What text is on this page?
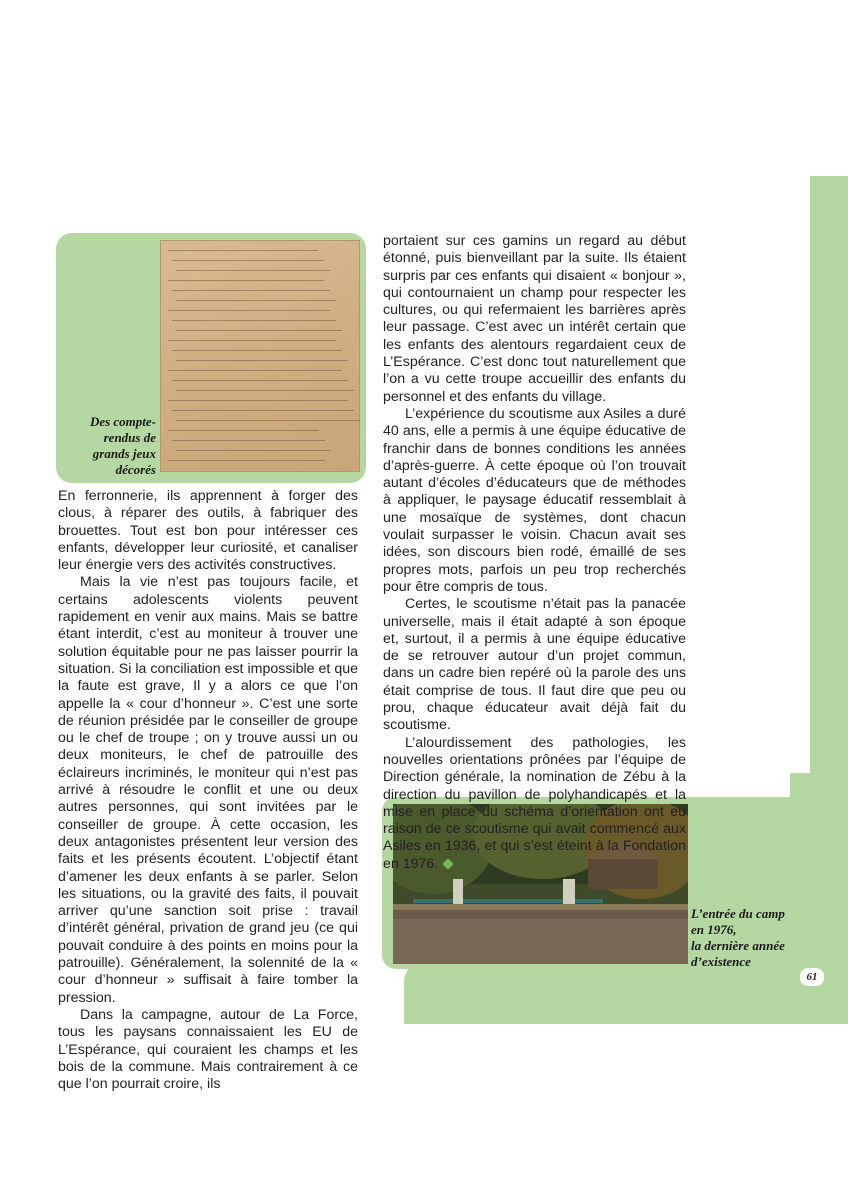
Des compte-
rendus de
grands jeux
décorés
L’entrée du camp
en 1976,
la dernière année
d’existence

En ferronnerie, ils apprennent à forger des clous, à réparer des outils, à fabriquer des brouettes. Tout est bon pour intéresser ces enfants, développer leur curiosité, et canaliser leur énergie vers des activités constructives.

Mais la vie n’est pas toujours facile, et certains adolescents violents peuvent rapidement en venir aux mains. Mais se battre étant interdit, c’est au moniteur à trouver une solution équitable pour ne pas laisser pourrir la situation. Si la conciliation est impossible et que la faute est grave, Il y a alors ce que l’on appelle la « cour d’honneur ». C’est une sorte de réunion présidée par le conseiller de groupe ou le chef de troupe ; on y trouve aussi un ou deux moniteurs, le chef de patrouille des éclaireurs incriminés, le moniteur qui n’est pas arrivé à résoudre le conflit et une ou deux autres personnes, qui sont invitées par le conseiller de groupe. À cette occasion, les deux antagonistes présentent leur version des faits et les présents écoutent. L’objectif étant d’amener les deux enfants à se parler. Selon les situations, ou la gravité des faits, il pouvait arriver qu’une sanction soit prise : travail d’intérêt général, privation de grand jeu (ce qui pouvait conduire à des points en moins pour la patrouille). Généralement, la solennité de la « cour d’honneur » suffisait à faire tomber la pression.

Dans la campagne, autour de La Force, tous les paysans connaissaient les EU de L’Espérance, qui couraient les champs et les bois de la commune. Mais contrairement à ce que l’on pourrait croire, ils

portaient sur ces gamins un regard au début étonné, puis bienveillant par la suite. Ils étaient surpris par ces enfants qui disaient « bonjour », qui contournaient un champ pour respecter les cultures, ou qui refermaient les barrières après leur passage. C’est avec un intérêt certain que les enfants des alentours regardaient ceux de L’Espérance. C’est donc tout naturellement que l’on a vu cette troupe accueillir des enfants du personnel et des enfants du village.

L’expérience du scoutisme aux Asiles a duré 40 ans, elle a permis à une équipe éducative de franchir dans de bonnes conditions les années d’après-guerre. À cette époque où l’on trouvait autant d’écoles d’éducateurs que de méthodes à appliquer, le paysage éducatif ressemblait à une mosaïque de systèmes, dont chacun voulait surpasser le voisin. Chacun avait ses idées, son discours bien rodé, émaillé de ses propres mots, parfois un peu trop recherchés pour être compris de tous.

Certes, le scoutisme n’était pas la panacée universelle, mais il était adapté à son époque et, surtout, il a permis à une équipe éducative de se retrouver autour d’un projet commun, dans un cadre bien repéré où la parole des uns était comprise de tous. Il faut dire que peu ou prou, chaque éducateur avait déjà fait du scoutisme.

L’alourdissement des pathologies, les nouvelles orientations prônées par l’équipe de Direction générale, la nomination de Zébu à la direction du pavillon de polyhandicapés et la mise en place du schéma d’orientation ont eu raison de ce scoutisme qui avait commencé aux Asiles en 1936, et qui s’est éteint à la Fondation en 1976.

61
